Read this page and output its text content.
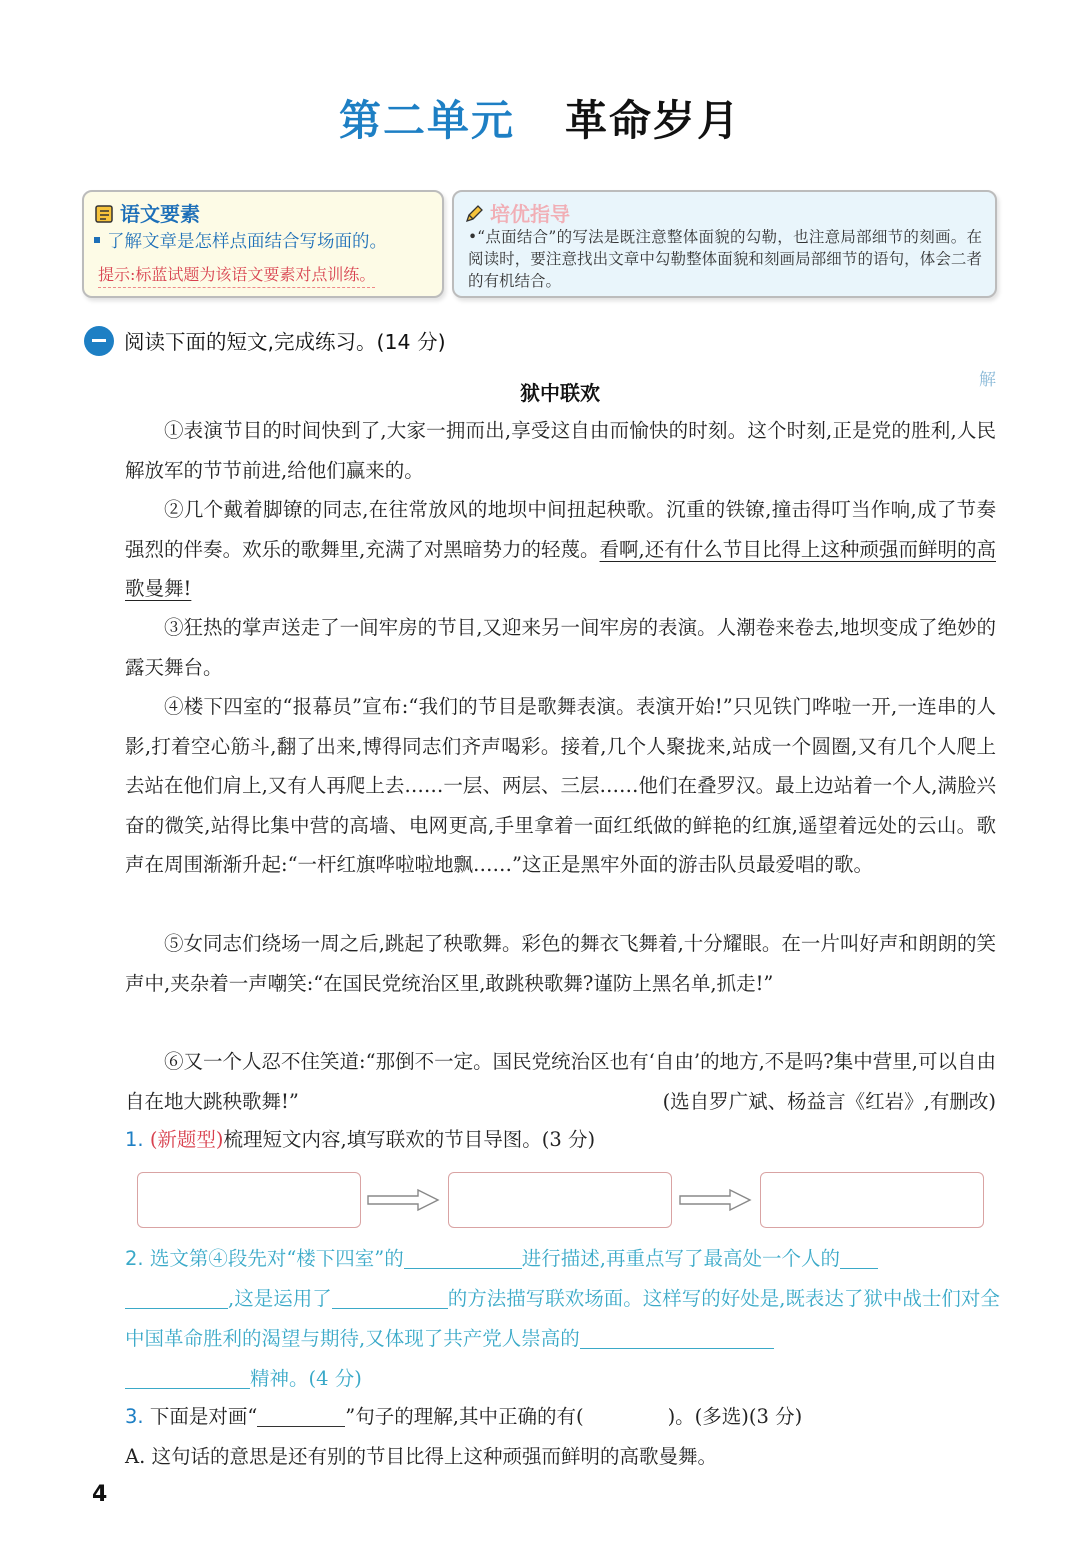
第二单元 革命岁月
语文要素
了解文章是怎样点面结合写场面的。
提示:标蓝试题为该语文要素对点训练。
培优指导
•“点面结合”的写法是既注意整体面貌的勾勒，也注意局部细节的刻画。在阅读时，要注意找出文章中勾勒整体面貌和刻画局部细节的语句，体会二者的有机结合。
阅读下面的短文,完成练习。(14 分)
解
狱中联欢
①表演节目的时间快到了,大家一拥而出,享受这自由而愉快的时刻。这个时刻,正是党的胜利,人民解放军的节节前进,给他们赢来的。
②几个戴着脚镣的同志,在往常放风的地坝中间扭起秧歌。沉重的铁镣,撞击得叮当作响,成了节奏强烈的伴奏。欢乐的歌舞里,充满了对黑暗势力的轻蔑。看啊,还有什么节目比得上这种顽强而鲜明的高歌曼舞!
③狂热的掌声送走了一间牢房的节目,又迎来另一间牢房的表演。人潮卷来卷去,地坝变成了绝妙的露天舞台。
④楼下四室的“报幕员”宣布:“我们的节目是歌舞表演。表演开始!”只见铁门哗啦一开,一连串的人影,打着空心筋斗,翻了出来,博得同志们齐声喝彩。接着,几个人聚拢来,站成一个圆圈,又有几个人爬上去站在他们肩上,又有人再爬上去……一层、两层、三层……他们在叠罗汉。最上边站着一个人,满脸兴奋的微笑,站得比集中营的高墙、电网更高,手里拿着一面红纸做的鲜艳的红旗,遥望着远处的云山。歌声在周围渐渐升起:“一杆红旗哗啦啦地飘……”这正是黑牢外面的游击队员最爱唱的歌。
⑤女同志们绕场一周之后,跳起了秧歌舞。彩色的舞衣飞舞着,十分耀眼。在一片叫好声和朗朗的笑声中,夹杂着一声嘲笑:“在国民党统治区里,敢跳秧歌舞?谨防上黑名单,抓走!”
⑥又一个人忍不住笑道:“那倒不一定。国民党统治区也有‘自由’的地方,不是吗?集中营里,可以自由自在地大跳秧歌舞!”	(选自罗广斌、杨益言《红岩》,有删改)
1. (新题型)梳理短文内容,填写联欢的节目导图。(3 分)
2. 选文第④段先对“楼下四室”的	进行描述,再重点写了最高处一个人的
,这是运用了	的方法描写联欢场面。这样写的好处是,既表达了狱中战士们对全中国革命胜利的渴望与期待,又体现了共产党人崇高的
精神。(4 分)
3. 下面是对画“	”句子的理解,其中正确的有(	)。(多选)(3 分)
A. 这句话的意思是还有别的节目比得上这种顽强而鲜明的高歌曼舞。
4
